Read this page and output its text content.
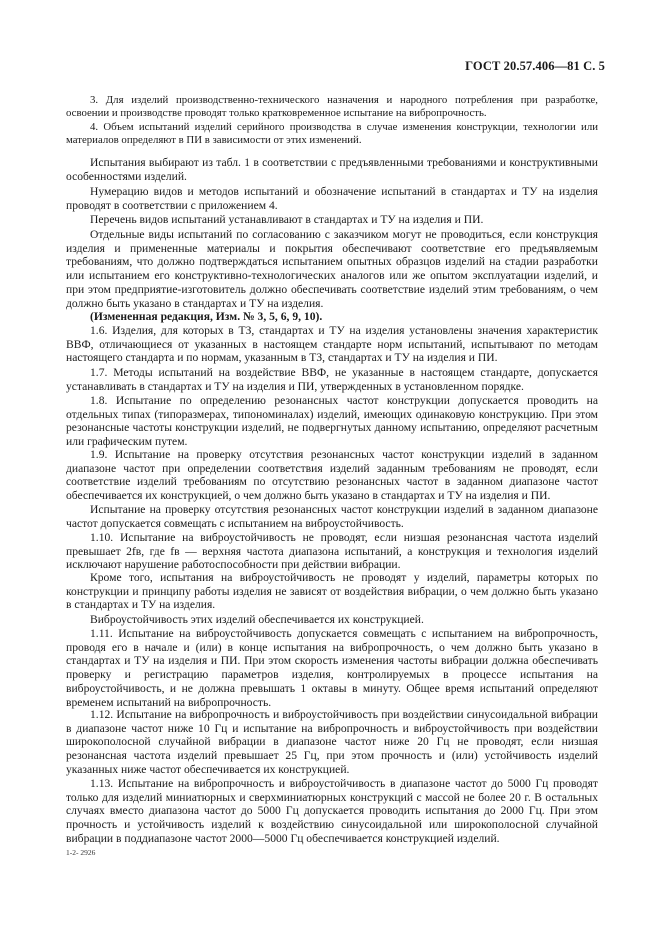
ГОСТ 20.57.406—81 С. 5

3. Для изделий производственно-технического назначения и народного потребления при разработке, освоении и производстве проводят только кратковременное испытание на вибропрочность.

4. Объем испытаний изделий серийного производства в случае изменения конструкции, технологии или материалов определяют в ПИ в зависимости от этих изменений.

Испытания выбирают из табл. 1 в соответствии с предъявленными требованиями и конструктивными особенностями изделий.

Нумерацию видов и методов испытаний и обозначение испытаний в стандартах и ТУ на изделия проводят в соответствии с приложением 4.

Перечень видов испытаний устанавливают в стандартах и ТУ на изделия и ПИ.

Отдельные виды испытаний по согласованию с заказчиком могут не проводиться, если конструкция изделия и примененные материалы и покрытия обеспечивают соответствие его предъявляемым требованиям, что должно подтверждаться испытанием опытных образцов изделий на стадии разработки или испытанием его конструктивно-технологических аналогов или же опытом эксплуатации изделий, и при этом предприятие-изготовитель должно обеспечивать соответствие изделий этим требованиям, о чем должно быть указано в стандартах и ТУ на изделия.

(Измененная редакция, Изм. № 3, 5, 6, 9, 10).

1.6. Изделия, для которых в ТЗ, стандартах и ТУ на изделия установлены значения характеристик ВВФ, отличающиеся от указанных в настоящем стандарте норм испытаний, испытывают по методам настоящего стандарта и по нормам, указанным в ТЗ, стандартах и ТУ на изделия и ПИ.

1.7. Методы испытаний на воздействие ВВФ, не указанные в настоящем стандарте, допускается устанавливать в стандартах и ТУ на изделия и ПИ, утвержденных в установленном порядке.

1.8. Испытание по определению резонансных частот конструкции допускается проводить на отдельных типах (типоразмерах, типономиналах) изделий, имеющих одинаковую конструкцию. При этом резонансные частоты конструкции изделий, не подвергнутых данному испытанию, определяют расчетным или графическим путем.

1.9. Испытание на проверку отсутствия резонансных частот конструкции изделий в заданном диапазоне частот при определении соответствия изделий заданным требованиям не проводят, если соответствие изделий требованиям по отсутствию резонансных частот в заданном диапазоне частот обеспечивается их конструкцией, о чем должно быть указано в стандартах и ТУ на изделия и ПИ.

Испытание на проверку отсутствия резонансных частот конструкции изделий в заданном диапазоне частот допускается совмещать с испытанием на виброустойчивость.

1.10. Испытание на виброустойчивость не проводят, если низшая резонансная частота изделий превышает 2fв, где fв — верхняя частота диапазона испытаний, а конструкция и технология изделий исключают нарушение работоспособности при действии вибрации.

Кроме того, испытания на виброустойчивость не проводят у изделий, параметры которых по конструкции и принципу работы изделия не зависят от воздействия вибрации, о чем должно быть указано в стандартах и ТУ на изделия.

Виброустойчивость этих изделий обеспечивается их конструкцией.

1.11. Испытание на виброустойчивость допускается совмещать с испытанием на вибропрочность, проводя его в начале и (или) в конце испытания на вибропрочность, о чем должно быть указано в стандартах и ТУ на изделия и ПИ. При этом скорость изменения частоты вибрации должна обеспечивать проверку и регистрацию параметров изделия, контролируемых в процессе испытания на виброустойчивость, и не должна превышать 1 октавы в минуту. Общее время испытаний определяют временем испытаний на вибропрочность.

1.12. Испытание на вибропрочность и виброустойчивость при воздействии синусоидальной вибрации в диапазоне частот ниже 10 Гц и испытание на вибропрочность и виброустойчивость при воздействии широкополосной случайной вибрации в диапазоне частот ниже 20 Гц не проводят, если низшая резонансная частота изделий превышает 25 Гц, при этом прочность и (или) устойчивость изделий указанных ниже частот обеспечивается их конструкцией.

1.13. Испытание на вибропрочность и виброустойчивость в диапазоне частот до 5000 Гц проводят только для изделий миниатюрных и сверхминиатюрных конструкций с массой не более 20 г. В остальных случаях вместо диапазона частот до 5000 Гц допускается проводить испытания до 2000 Гц. При этом прочность и устойчивость изделий к воздействию синусоидальной или широкополосной случайной вибрации в поддиапазоне частот 2000—5000 Гц обеспечивается конструкцией изделий.

1-2- 2926
